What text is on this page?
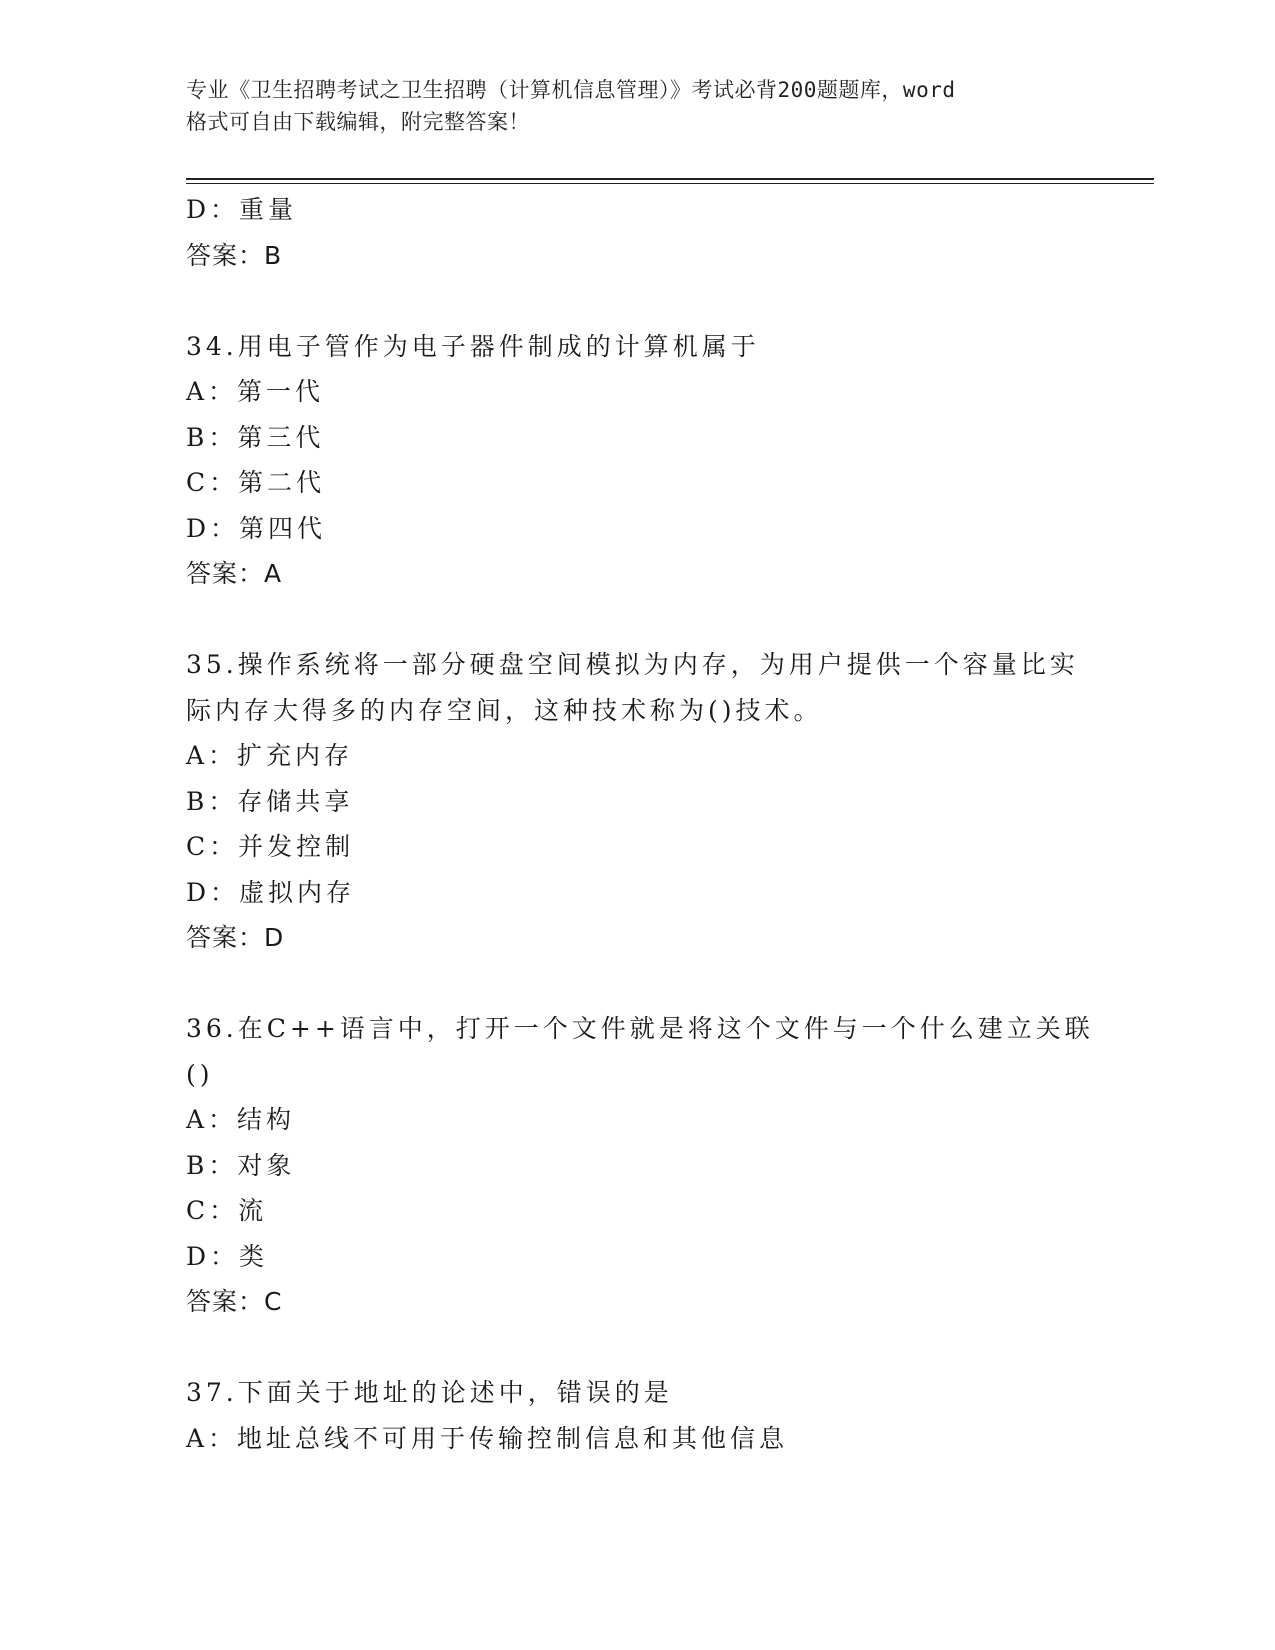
专业《卫生招聘考试之卫生招聘（计算机信息管理）》考试必背200题题库，word
格式可自由下载编辑，附完整答案！
D：重量
答案：B
34.用电子管作为电子器件制成的计算机属于
A：第一代
B：第三代
C：第二代
D：第四代
答案：A
35.操作系统将一部分硬盘空间模拟为内存，为用户提供一个容量比实
际内存大得多的内存空间，这种技术称为()技术。
A：扩充内存
B：存储共享
C：并发控制
D：虚拟内存
答案：D
36.在C++语言中，打开一个文件就是将这个文件与一个什么建立关联
()
A：结构
B：对象
C：流
D：类
答案：C
37.下面关于地址的论述中，错误的是
A：地址总线不可用于传输控制信息和其他信息
